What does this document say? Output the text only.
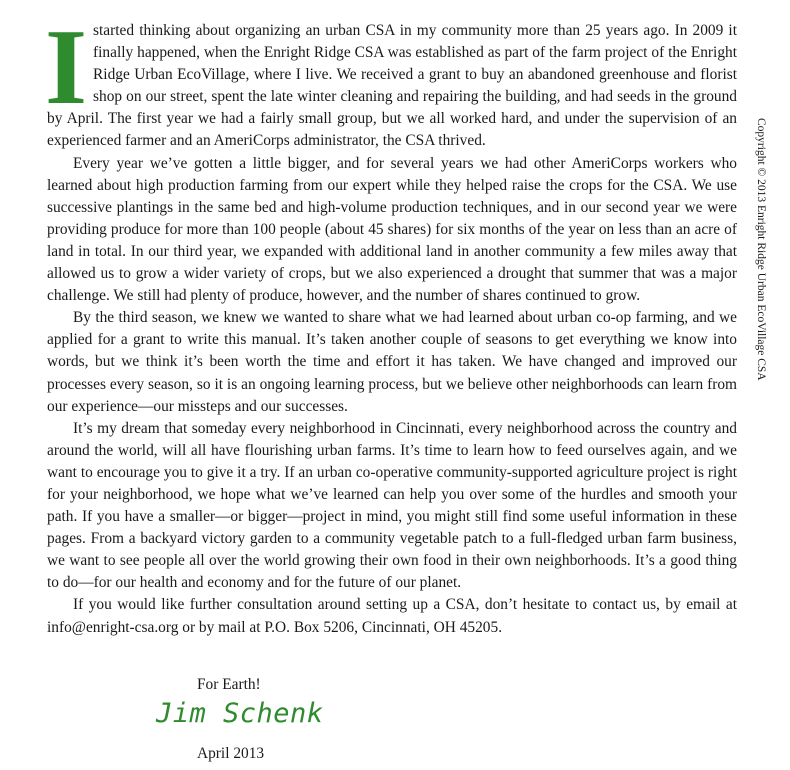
I started thinking about organizing an urban CSA in my community more than 25 years ago. In 2009 it finally happened, when the Enright Ridge CSA was established as part of the farm project of the Enright Ridge Urban EcoVillage, where I live. We received a grant to buy an abandoned greenhouse and florist shop on our street, spent the late winter cleaning and repairing the building, and had seeds in the ground by April. The first year we had a fairly small group, but we all worked hard, and under the supervision of an experienced farmer and an AmeriCorps administrator, the CSA thrived.

Every year we’ve gotten a little bigger, and for several years we had other AmeriCorps workers who learned about high production farming from our expert while they helped raise the crops for the CSA. We use successive plantings in the same bed and high-volume production techniques, and in our second year we were providing produce for more than 100 people (about 45 shares) for six months of the year on less than an acre of land in total. In our third year, we expanded with additional land in another community a few miles away that allowed us to grow a wider variety of crops, but we also experienced a drought that summer that was a major challenge. We still had plenty of produce, however, and the number of shares continued to grow.

By the third season, we knew we wanted to share what we had learned about urban co-op farming, and we applied for a grant to write this manual. It’s taken another couple of seasons to get everything we know into words, but we think it’s been worth the time and effort it has taken. We have changed and improved our processes every season, so it is an ongoing learning process, but we believe other neighborhoods can learn from our experience—our missteps and our successes.

It’s my dream that someday every neighborhood in Cincinnati, every neighborhood across the country and around the world, will all have flourishing urban farms. It’s time to learn how to feed ourselves again, and we want to encourage you to give it a try. If an urban co-operative community-supported agriculture project is right for your neighborhood, we hope what we’ve learned can help you over some of the hurdles and smooth your path. If you have a smaller—or bigger—project in mind, you might still find some useful information in these pages. From a backyard victory garden to a community vegetable patch to a full-fledged urban farm business, we want to see people all over the world growing their own food in their own neighborhoods. It’s a good thing to do—for our health and economy and for the future of our planet.

If you would like further consultation around setting up a CSA, don’t hesitate to contact us, by email at info@enright-csa.org or by mail at P.O. Box 5206, Cincinnati, OH 45205.

For Earth!
Jim Schenk
April 2013
Copyright © 2013 Enright Ridge Urban EcoVillage CSA
